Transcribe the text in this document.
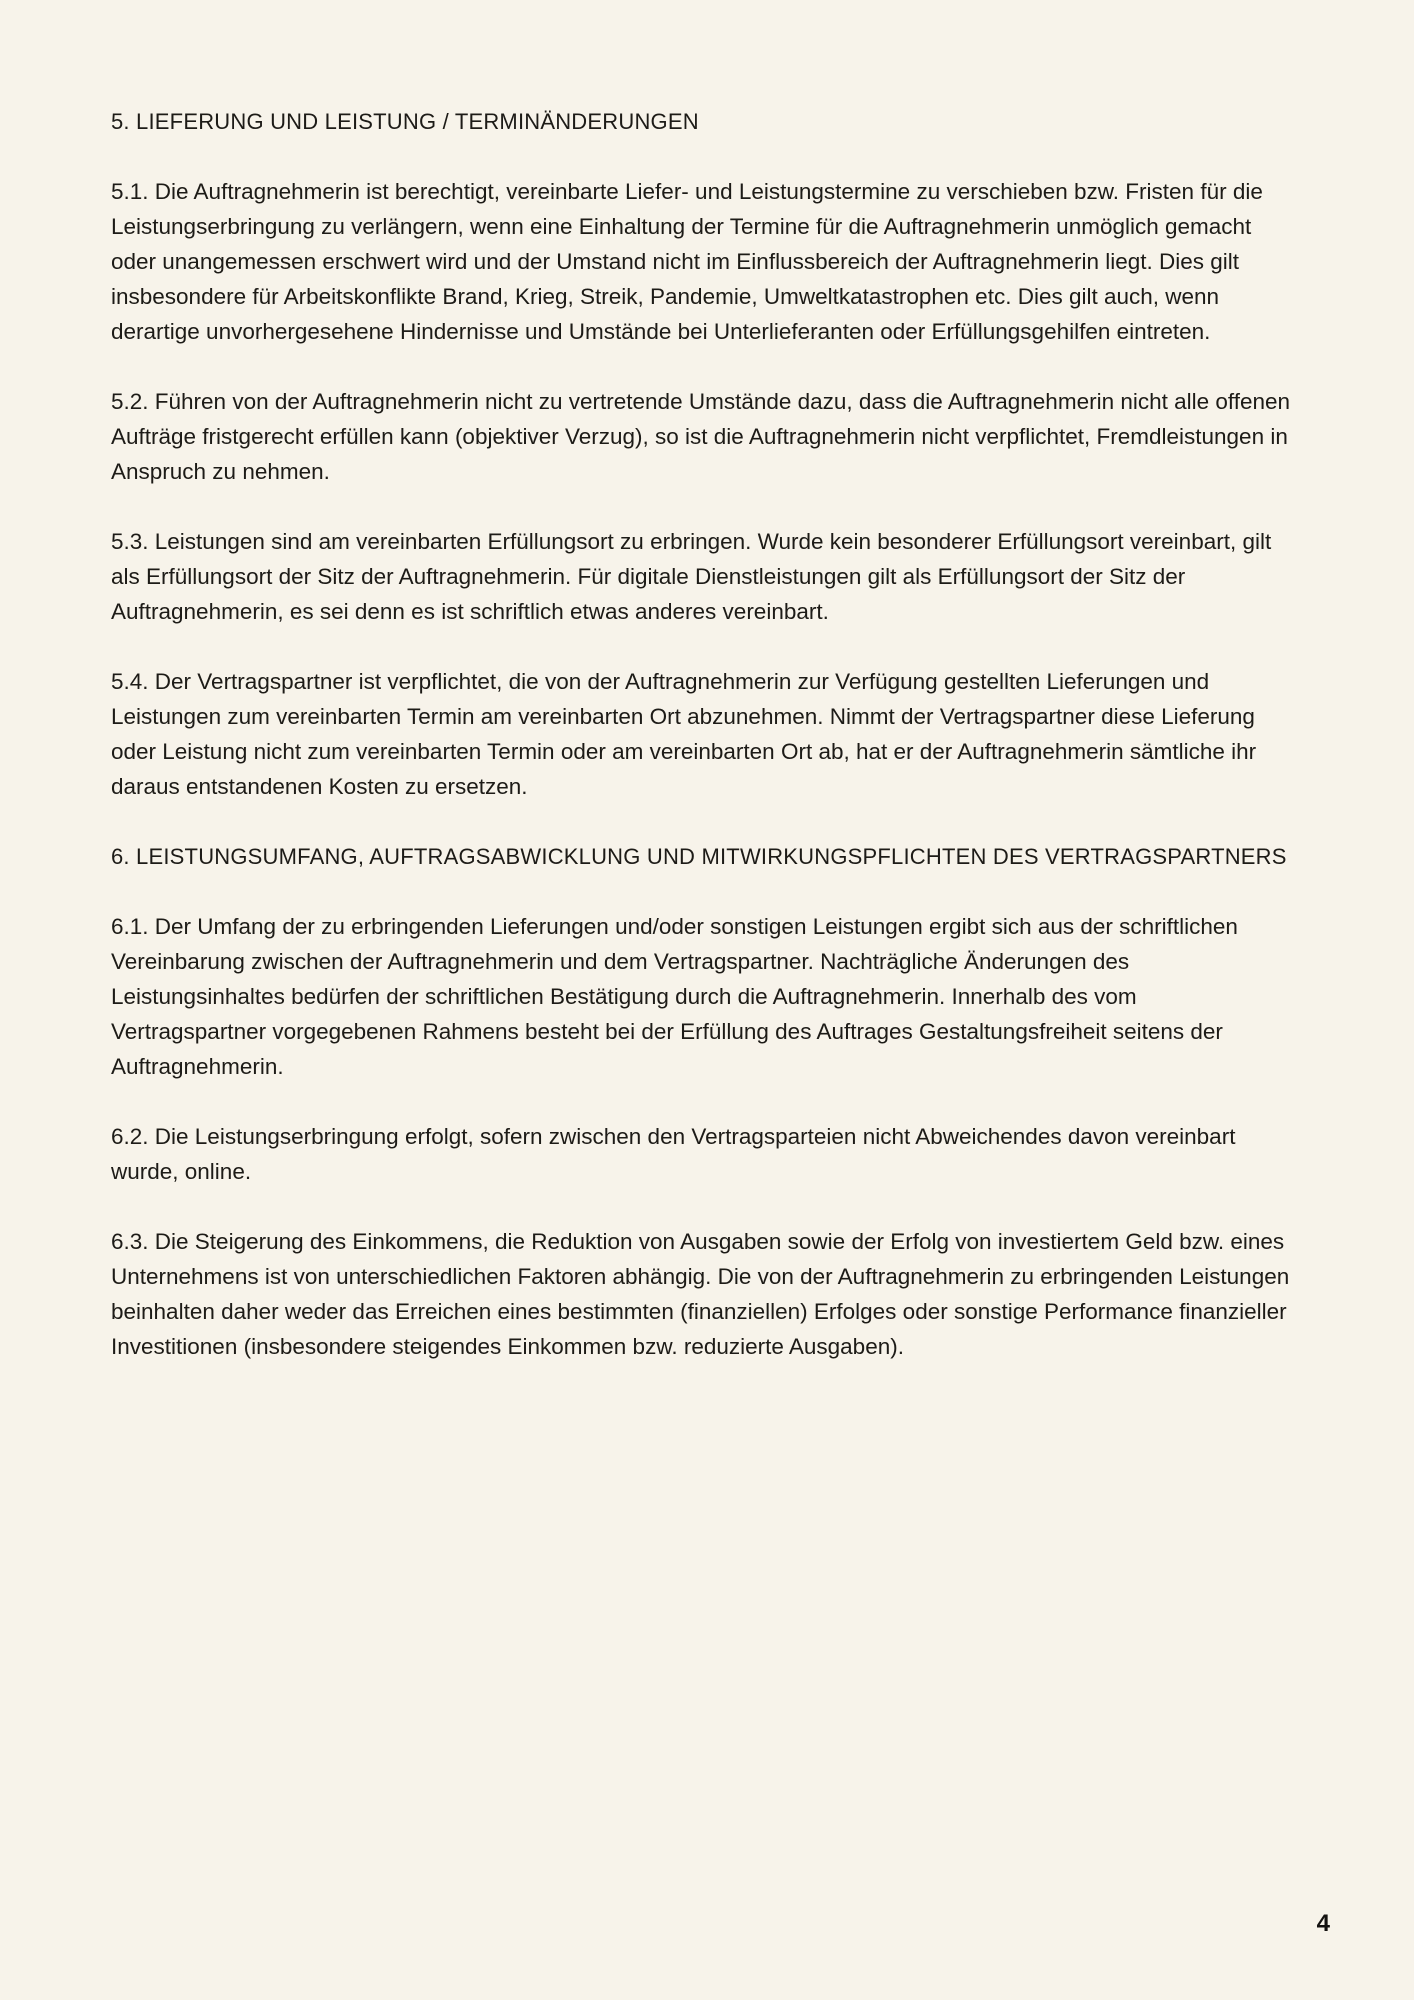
5. LIEFERUNG UND LEISTUNG / TERMINÄNDERUNGEN

5.1. Die Auftragnehmerin ist berechtigt, vereinbarte Liefer- und Leistungstermine zu verschieben bzw. Fristen für die Leistungserbringung zu verlängern, wenn eine Einhaltung der Termine für die Auftragnehmerin unmöglich gemacht oder unangemessen erschwert wird und der Umstand nicht im Einflussbereich der Auftragnehmerin liegt. Dies gilt insbesondere für Arbeitskonflikte Brand, Krieg, Streik, Pandemie, Umweltkatastrophen etc. Dies gilt auch, wenn derartige unvorhergesehene Hindernisse und Umstände bei Unterlieferanten oder Erfüllungsgehilfen eintreten.

5.2. Führen von der Auftragnehmerin nicht zu vertretende Umstände dazu, dass die Auftragnehmerin nicht alle offenen Aufträge fristgerecht erfüllen kann (objektiver Verzug), so ist die Auftragnehmerin nicht verpflichtet, Fremdleistungen in Anspruch zu nehmen.

5.3. Leistungen sind am vereinbarten Erfüllungsort zu erbringen. Wurde kein besonderer Erfüllungsort vereinbart, gilt als Erfüllungsort der Sitz der Auftragnehmerin. Für digitale Dienstleistungen gilt als Erfüllungsort der Sitz der Auftragnehmerin, es sei denn es ist schriftlich etwas anderes vereinbart.

5.4. Der Vertragspartner ist verpflichtet, die von der Auftragnehmerin zur Verfügung gestellten Lieferungen und Leistungen zum vereinbarten Termin am vereinbarten Ort abzunehmen. Nimmt der Vertragspartner diese Lieferung oder Leistung nicht zum vereinbarten Termin oder am vereinbarten Ort ab, hat er der Auftragnehmerin sämtliche ihr daraus entstandenen Kosten zu ersetzen.

6. LEISTUNGSUMFANG, AUFTRAGSABWICKLUNG UND MITWIRKUNGSPFLICHTEN DES VERTRAGSPARTNERS

6.1. Der Umfang der zu erbringenden Lieferungen und/oder sonstigen Leistungen ergibt sich aus der schriftlichen Vereinbarung zwischen der Auftragnehmerin und dem Vertragspartner. Nachträgliche Änderungen des Leistungsinhaltes bedürfen der schriftlichen Bestätigung durch die Auftragnehmerin. Innerhalb des vom Vertragspartner vorgegebenen Rahmens besteht bei der Erfüllung des Auftrages Gestaltungsfreiheit seitens der Auftragnehmerin.

6.2. Die Leistungserbringung erfolgt, sofern zwischen den Vertragsparteien nicht Abweichendes davon vereinbart wurde, online.

6.3. Die Steigerung des Einkommens, die Reduktion von Ausgaben sowie der Erfolg von investiertem Geld bzw. eines Unternehmens ist von unterschiedlichen Faktoren abhängig. Die von der Auftragnehmerin zu erbringenden Leistungen beinhalten daher weder das Erreichen eines bestimmten (finanziellen) Erfolges oder sonstige Performance finanzieller Investitionen (insbesondere steigendes Einkommen bzw. reduzierte Ausgaben).

4
